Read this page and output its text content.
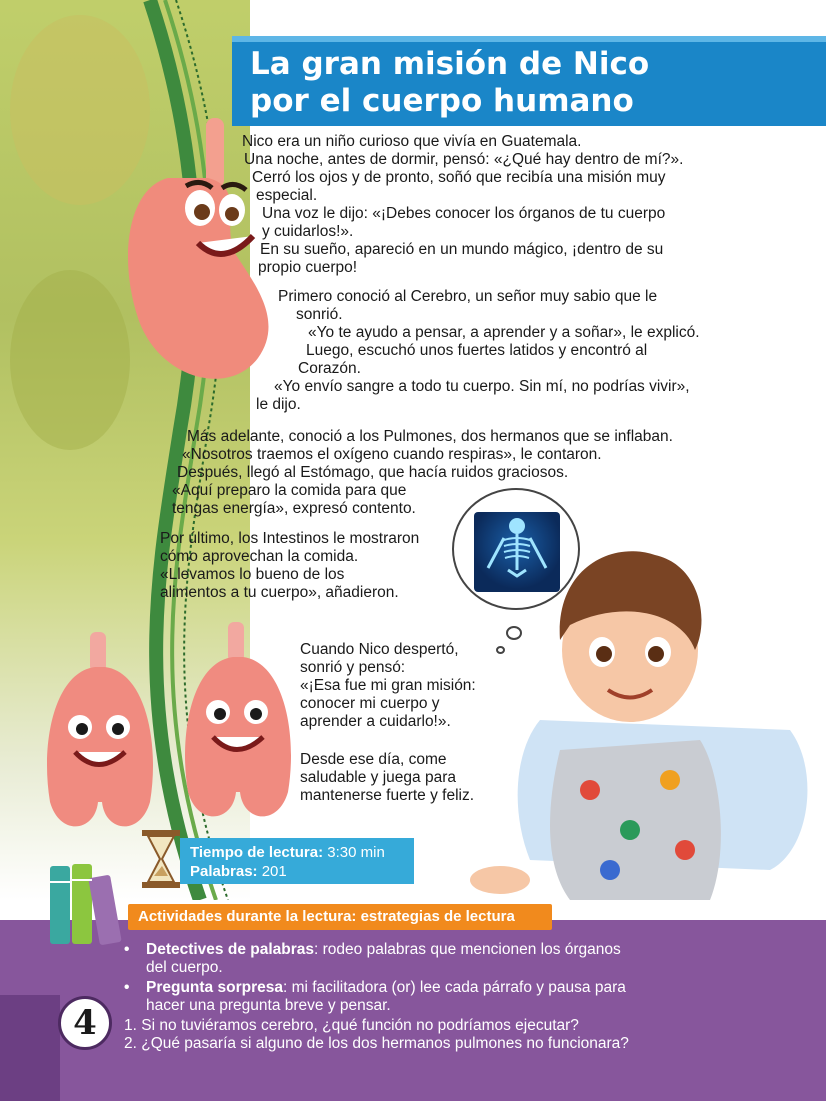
La gran misión de Nico
por el cuerpo humano

Nico era un niño curioso que vivía en Guatemala.

Una noche, antes de dormir, pensó: «¿Qué hay dentro de mí?».

Cerró los ojos y de pronto, soñó que recibía una misión muy

especial.

Una voz le dijo: «¡Debes conocer los órganos de tu cuerpo

y cuidarlos!».

En su sueño, apareció en un mundo mágico, ¡dentro de su

propio cuerpo!

Primero conoció al Cerebro, un señor muy sabio que le

sonrió.

«Yo te ayudo a pensar, a aprender y a soñar», le explicó.

Luego, escuchó unos fuertes latidos y encontró al

Corazón.

«Yo envío sangre a todo tu cuerpo. Sin mí, no podrías vivir»,

le dijo.

Más adelante, conoció a los Pulmones, dos hermanos que se inflaban.

«Nosotros traemos el oxígeno cuando respiras», le contaron.

Después, llegó al Estómago, que hacía ruidos graciosos.

«Aquí preparo la comida para que

tengas energía», expresó contento.

Por último, los Intestinos le mostraron

cómo aprovechan la comida.

«Llevamos lo bueno de los

alimentos a tu cuerpo», añadieron.

Cuando Nico despertó,

sonrió y pensó:

«¡Esa fue mi gran misión:

conocer mi cuerpo y

aprender a cuidarlo!».

Desde ese día, come

saludable y juega para

mantenerse fuerte y feliz.

Tiempo de lectura: 3:30 min
Palabras: 201
4
Actividades durante la lectura: estrategias de lectura
•	Detectives de palabras: rodeo palabras que mencionen los órganos
del cuerpo.
•	Pregunta sorpresa: mi facilitadora (or) lee cada párrafo y pausa para
hacer una pregunta breve y pensar.
1. Si no tuviéramos cerebro, ¿qué función no podríamos ejecutar?
2. ¿Qué pasaría si alguno de los dos hermanos pulmones no funcionara?
